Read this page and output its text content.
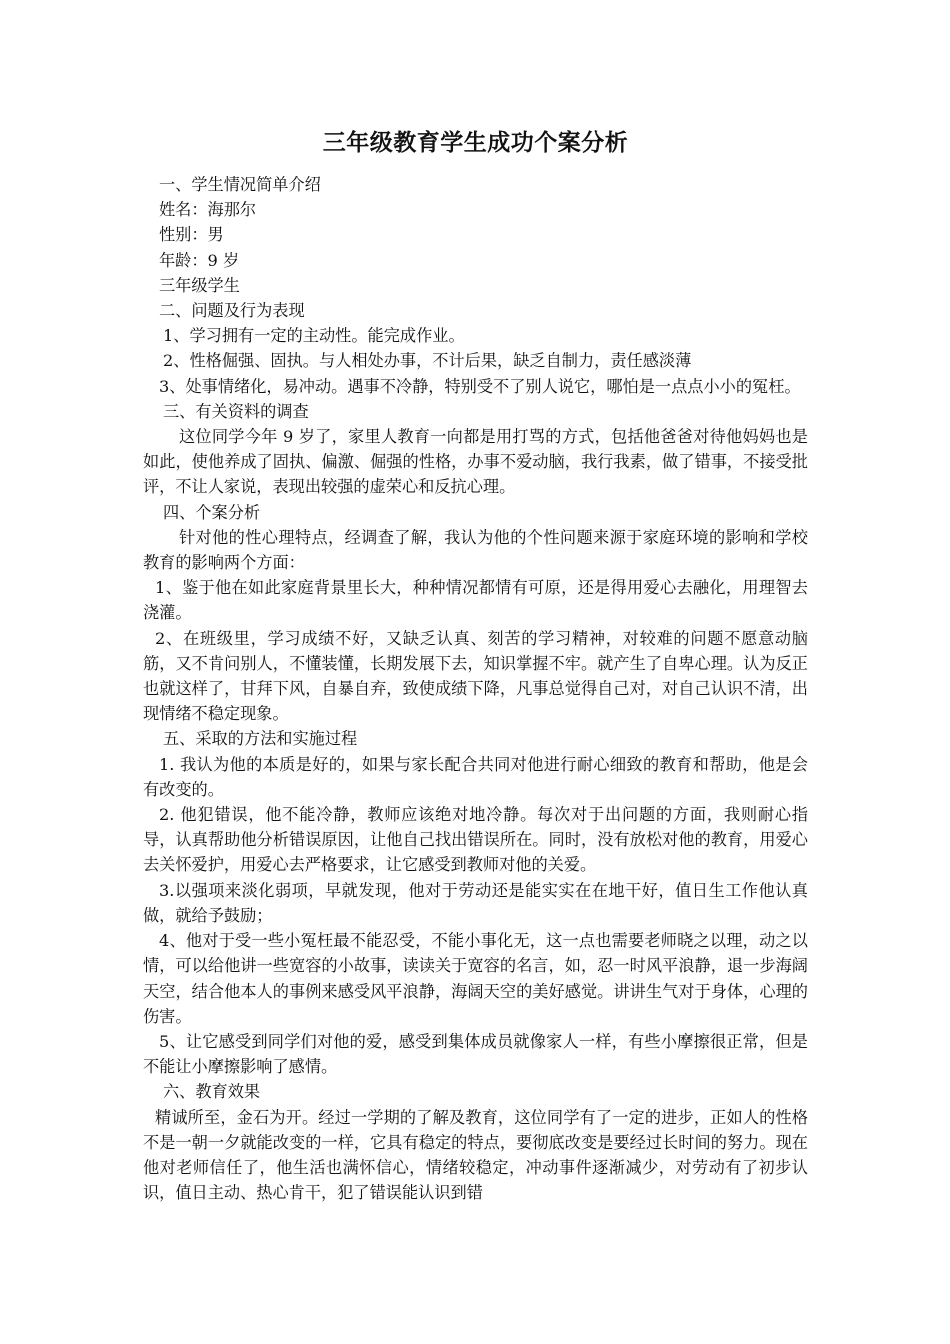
三年级教育学生成功个案分析

一、学生情况简单介绍

姓名：海那尔

性别：男

年龄：9 岁

三年级学生

二、问题及行为表现

1、学习拥有一定的主动性。能完成作业。

2、性格倔强、固执。与人相处办事，不计后果，缺乏自制力，责任感淡薄

3、处事情绪化，易冲动。遇事不冷静，特别受不了别人说它，哪怕是一点点小小的冤枉。

三、有关资料的调查

这位同学今年 9 岁了，家里人教育一向都是用打骂的方式，包括他爸爸对待他妈妈也是如此，使他养成了固执、偏激、倔强的性格，办事不爱动脑，我行我素，做了错事，不接受批评，不让人家说，表现出较强的虚荣心和反抗心理。

四、个案分析

针对他的性心理特点，经调查了解，我认为他的个性问题来源于家庭环境的影响和学校教育的影响两个方面：

1、鉴于他在如此家庭背景里长大，种种情况都情有可原，还是得用爱心去融化，用理智去浇灌。

2、在班级里，学习成绩不好，又缺乏认真、刻苦的学习精神，对较难的问题不愿意动脑筋，又不肯问别人，不懂装懂，长期发展下去，知识掌握不牢。就产生了自卑心理。认为反正也就这样了，甘拜下风，自暴自弃，致使成绩下降，凡事总觉得自己对，对自己认识不清，出现情绪不稳定现象。

五、采取的方法和实施过程

1. 我认为他的本质是好的，如果与家长配合共同对他进行耐心细致的教育和帮助，他是会有改变的。

2. 他犯错误，他不能冷静，教师应该绝对地冷静。每次对于出问题的方面，我则耐心指导，认真帮助他分析错误原因，让他自己找出错误所在。同时，没有放松对他的教育，用爱心去关怀爱护，用爱心去严格要求，让它感受到教师对他的关爱。

3.以强项来淡化弱项，早就发现，他对于劳动还是能实实在在地干好，值日生工作他认真做，就给予鼓励；

4、他对于受一些小冤枉最不能忍受，不能小事化无，这一点也需要老师晓之以理，动之以情，可以给他讲一些宽容的小故事，读读关于宽容的名言，如，忍一时风平浪静，退一步海阔天空，结合他本人的事例来感受风平浪静，海阔天空的美好感觉。讲讲生气对于身体，心理的伤害。

5、让它感受到同学们对他的爱，感受到集体成员就像家人一样，有些小摩擦很正常，但是不能让小摩擦影响了感情。

六、教育效果

精诚所至，金石为开。经过一学期的了解及教育，这位同学有了一定的进步，正如人的性格不是一朝一夕就能改变的一样，它具有稳定的特点，要彻底改变是要经过长时间的努力。现在他对老师信任了，他生活也满怀信心，情绪较稳定，冲动事件逐渐减少，对劳动有了初步认识，值日主动、热心肯干，犯了错误能认识到错
